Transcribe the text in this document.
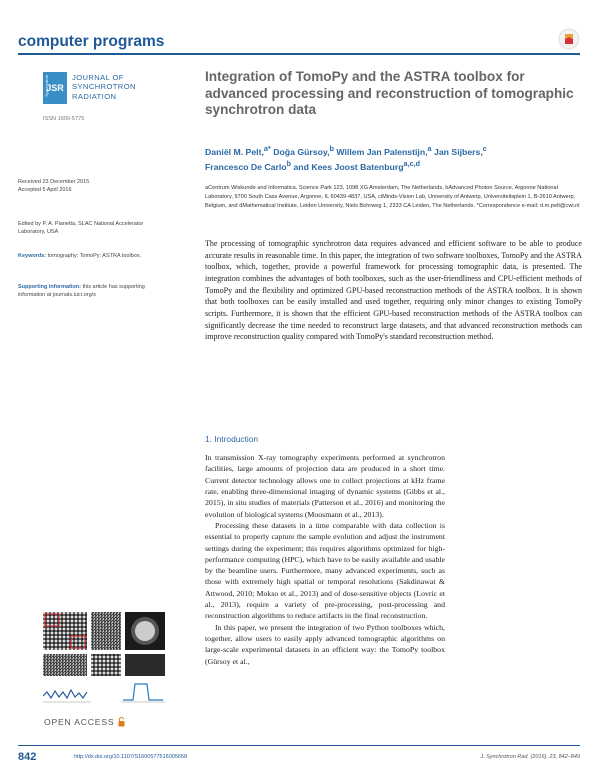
computer programs
Synchrotron
JSR
JOURNAL OF
SYNCHROTRON
RADIATION
ISSN 1600-5775
Integration of TomoPy and the ASTRA toolbox for advanced processing and reconstruction of tomographic synchrotron data
Daniël M. Pelt,$^{a*}$ Doğa Gürsoy,$^b$ Willem Jan Palenstijn,$^a$ Jan Sijbers,$^c$
Francesco De Carlo$^b$ and Kees Joost Batenburg$^{a,c,d}$
aCentrum Wiskunde and Informatica, Science Park 123, 1098 XG Amsterdam, The Netherlands, bAdvanced Photon Source, Argonne National Laboratory, 9700 South Cass Avenue, Argonne, IL 60439-4837, USA, ciMinds-Vision Lab, University of Antwerp, Universiteitsplein 1, B-2610 Antwerp, Belgium, and dMathematical Institute, Leiden University, Niels Bohrweg 1, 2333 CA Leiden, The Netherlands. *Correspondence e-mail: d.m.pelt@cwi.nl
Received 23 December 2015
Accepted 5 April 2016
Edited by P. A. Pianetta, SLAC National Accelerator Laboratory, USA
Keywords: tomography; TomoPy; ASTRA toolbox.
Supporting information: this article has supporting information at journals.iucr.org/s
The processing of tomographic synchrotron data requires advanced and efficient software to be able to produce accurate results in reasonable time. In this paper, the integration of two software toolboxes, TomoPy and the ASTRA toolbox, which, together, provide a powerful framework for processing tomographic data, is presented. The integration combines the advantages of both toolboxes, such as the user-friendliness and CPU-efficient methods of TomoPy and the flexibility and optimized GPU-based reconstruction methods of the ASTRA toolbox. It is shown that both toolboxes can be easily installed and used together, requiring only minor changes to existing TomoPy scripts. Furthermore, it is shown that the efficient GPU-based reconstruction methods of the ASTRA toolbox can significantly decrease the time needed to reconstruct large datasets, and that advanced reconstruction methods can improve reconstruction quality compared with TomoPy's standard reconstruction method.
1. Introduction

In transmission X-ray tomography experiments performed at synchrotron facilities, large amounts of projection data are produced in a short time. Current detector technology allows one to collect projections at kHz frame rate, enabling three-dimensional imaging of dynamic systems (Gibbs et al., 2015), in situ studies of materials (Patterson et al., 2016) and monitoring the evolution of biological systems (Moosmann et al., 2013).

Processing these datasets in a time comparable with data collection is essential to properly capture the sample evolution and adjust the instrument settings during the experiment; this requires algorithms optimized for high-performance computing (HPC), which have to be easily available and usable by the beamline users. Furthermore, many advanced experiments, such as those with extremely high spatial or temporal resolutions (Sakdinawat & Attwood, 2010; Mokso et al., 2013) and of dose-sensitive objects (Lovric et al., 2013), require a variety of pre-processing, post-processing and reconstruction algorithms to reduce artifacts in the final reconstruction.

In this paper, we present the integration of two Python toolboxes which, together, allow users to easily apply advanced tomographic algorithms on large-scale experimental datasets in an efficient way: the TomoPy toolbox (Gürsoy et al.,

OPEN ACCESS
842	http://dx.doi.org/10.1107/S1600577516005658	J. Synchrotron Rad. (2016). 23, 842–849
